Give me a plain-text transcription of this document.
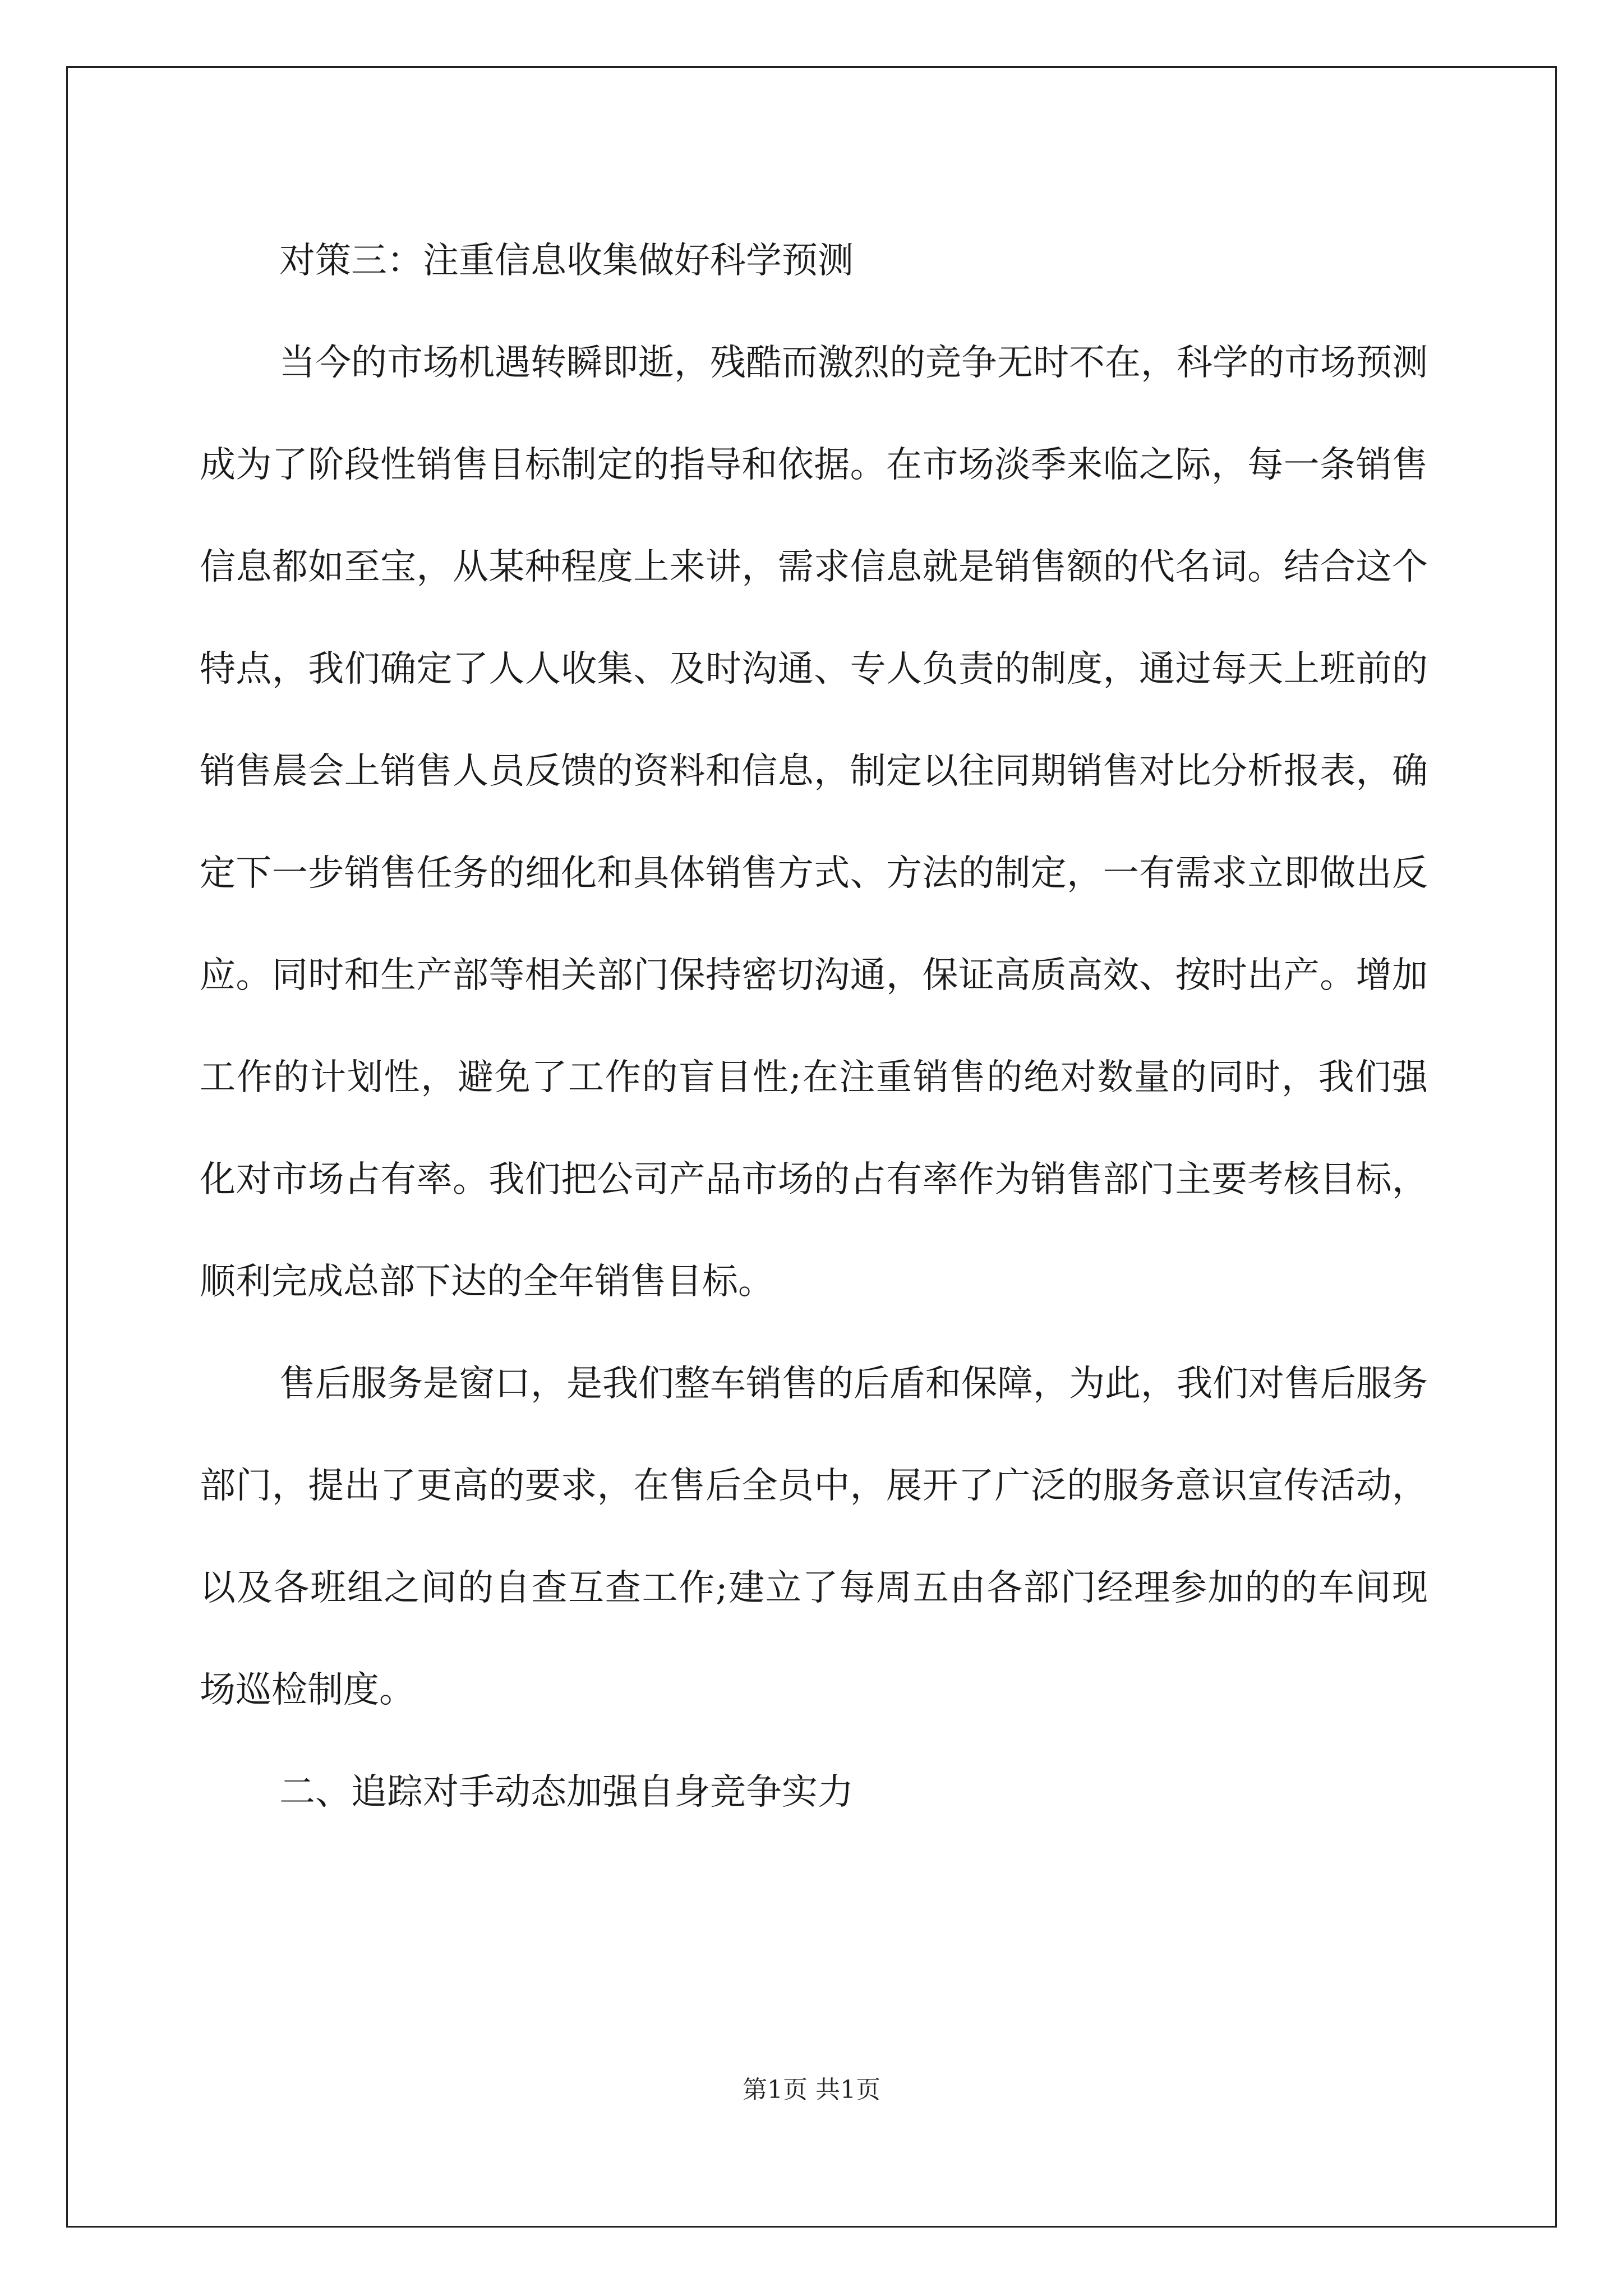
对策三：注重信息收集做好科学预测

当今的市场机遇转瞬即逝，残酷而激烈的竞争无时不在，科学的市场预测成为了阶段性销售目标制定的指导和依据。在市场淡季来临之际，每一条销售信息都如至宝，从某种程度上来讲，需求信息就是销售额的代名词。结合这个特点，我们确定了人人收集、及时沟通、专人负责的制度，通过每天上班前的销售晨会上销售人员反馈的资料和信息，制定以往同期销售对比分析报表，确定下一步销售任务的细化和具体销售方式、方法的制定，一有需求立即做出反应。同时和生产部等相关部门保持密切沟通，保证高质高效、按时出产。增加工作的计划性，避免了工作的盲目性;在注重销售的绝对数量的同时，我们强化对市场占有率。我们把公司产品市场的占有率作为销售部门主要考核目标，顺利完成总部下达的全年销售目标。

售后服务是窗口，是我们整车销售的后盾和保障，为此，我们对售后服务部门，提出了更高的要求，在售后全员中，展开了广泛的服务意识宣传活动，以及各班组之间的自查互查工作;建立了每周五由各部门经理参加的的车间现场巡检制度。

二、追踪对手动态加强自身竞争实力

第1页 共1页
